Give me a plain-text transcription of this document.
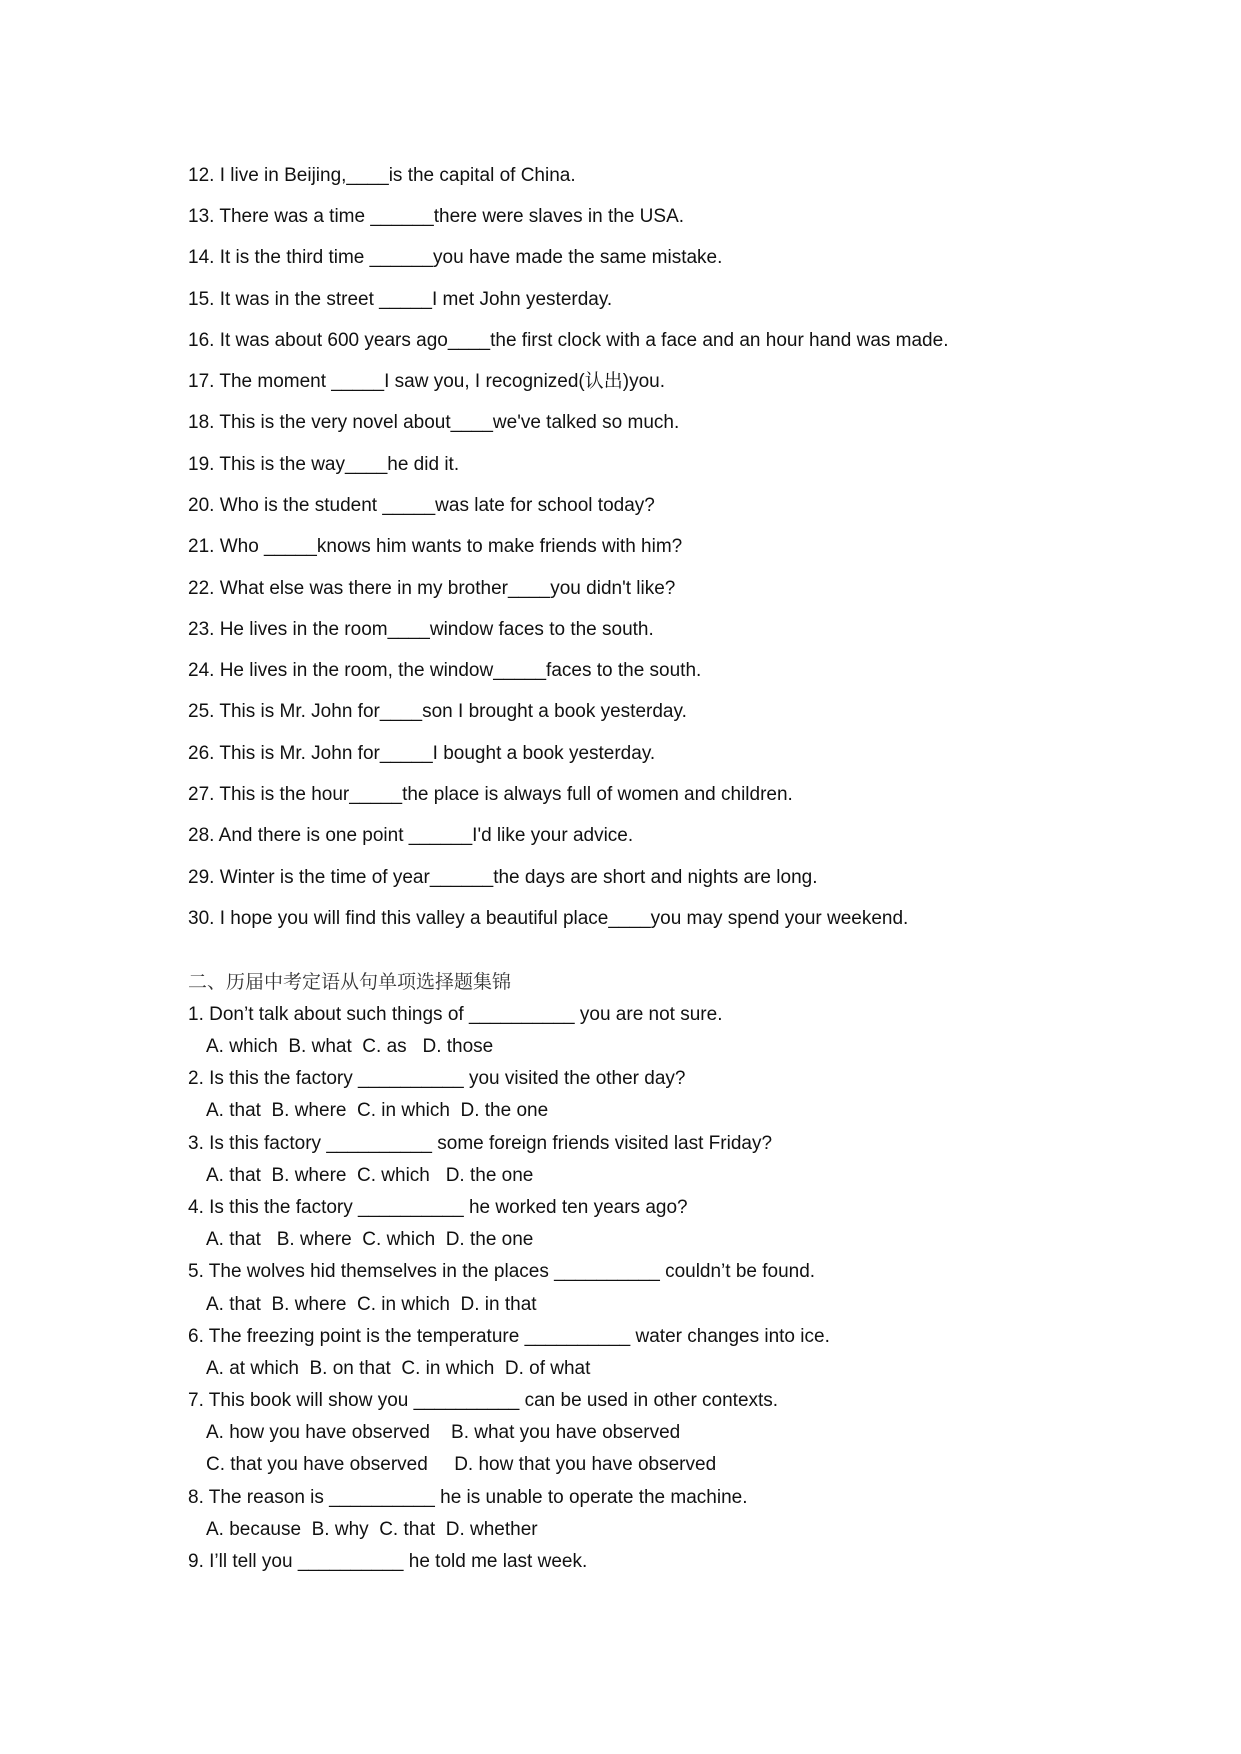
12. I live in Beijing,____is the capital of China.
13. There was a time ______there were slaves in the USA.
14. It is the third time ______you have made the same mistake.
15. It was in the street _____I met John yesterday.
16. It was about 600 years ago____the first clock with a face and an hour hand was made.
17. The moment _____I saw you, I recognized(认出)you.
18. This is the very novel about____we've talked so much.
19. This is the way____he did it.
20. Who is the student _____was late for school today?
21. Who _____knows him wants to make friends with him?
22. What else was there in my brother____you didn't like?
23. He lives in the room____window faces to the south.
24. He lives in the room, the window_____faces to the south.
25. This is Mr. John for____son I brought a book yesterday.
26. This is Mr. John for_____I bought a book yesterday.
27. This is the hour_____the place is always full of women and children.
28. And there is one point ______I'd like your advice.
29. Winter is the time of year______the days are short and nights are long.
30. I hope you will find this valley a beautiful place____you may spend your weekend.
二、历届中考定语从句单项选择题集锦
1. Don’t talk about such things of __________ you are not sure.
A. which  B. what  C. as   D. those
2. Is this the factory __________ you visited the other day?
A. that  B. where  C. in which  D. the one
3. Is this factory __________ some foreign friends visited last Friday?
A. that  B. where  C. which   D. the one
4. Is this the factory __________ he worked ten years ago?
A. that   B. where  C. which  D. the one
5. The wolves hid themselves in the places __________ couldn’t be found.
A. that  B. where  C. in which  D. in that
6. The freezing point is the temperature __________ water changes into ice.
A. at which  B. on that  C. in which  D. of what
7. This book will show you __________ can be used in other contexts.
A. how you have observed    B. what you have observed
C. that you have observed     D. how that you have observed
8. The reason is __________ he is unable to operate the machine.
A. because  B. why  C. that  D. whether
9. I’ll tell you __________ he told me last week.
